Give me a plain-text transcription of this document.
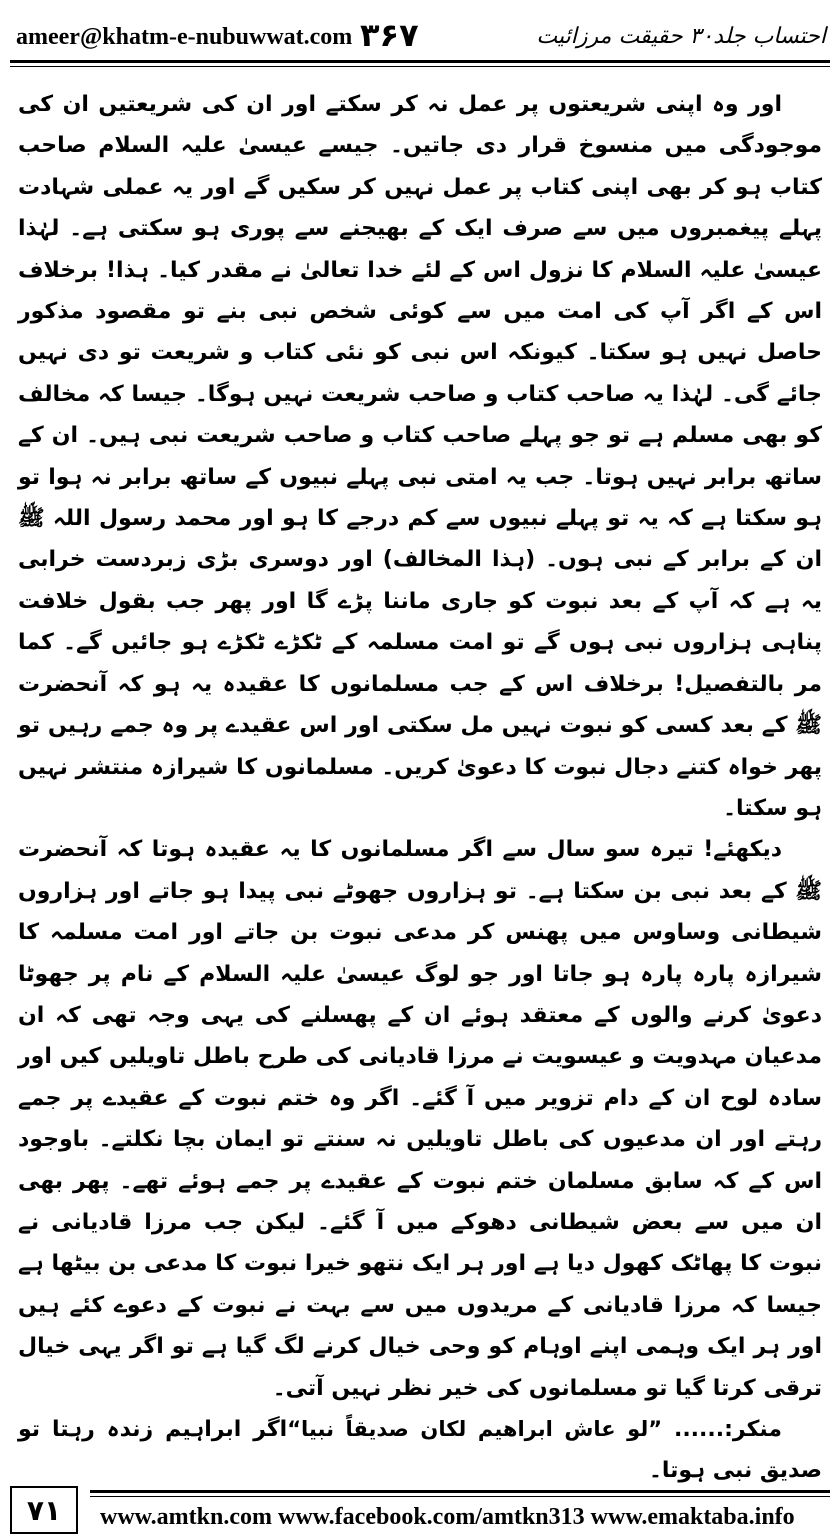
ameer@khatm-e-nubuwwat.com ۳۶۷	احتساب جلد۳۰ حقیقت مرزائیت

اور وہ اپنی شریعتوں پر عمل نہ کر سکتے اور ان کی شریعتیں ان کی موجودگی میں منسوخ قرار دی جاتیں۔ جیسے عیسیٰ علیہ السلام صاحب کتاب ہو کر بھی اپنی کتاب پر عمل نہیں کر سکیں گے اور یہ عملی شہادت پہلے پیغمبروں میں سے صرف ایک کے بھیجنے سے پوری ہو سکتی ہے۔ لہٰذا عیسیٰ علیہ السلام کا نزول اس کے لئے خدا تعالیٰ نے مقدر کیا۔ ہذا! برخلاف اس کے اگر آپ کی امت میں سے کوئی شخص نبی بنے تو مقصود مذکور حاصل نہیں ہو سکتا۔ کیونکہ اس نبی کو نئی کتاب و شریعت تو دی نہیں جائے گی۔ لہٰذا یہ صاحب کتاب و صاحب شریعت نہیں ہوگا۔ جیسا کہ مخالف کو بھی مسلم ہے تو جو پہلے صاحب کتاب و صاحب شریعت نبی ہیں۔ ان کے ساتھ برابر نہیں ہوتا۔ جب یہ امتی نبی پہلے نبیوں کے ساتھ برابر نہ ہوا تو ہو سکتا ہے کہ یہ تو پہلے نبیوں سے کم درجے کا ہو اور محمد رسول اللہ ﷺ ان کے برابر کے نبی ہوں۔ (ہذا المخالف) اور دوسری بڑی زبردست خرابی یہ ہے کہ آپ کے بعد نبوت کو جاری ماننا پڑے گا اور پھر جب بقول خلافت پناہی ہزاروں نبی ہوں گے تو امت مسلمہ کے ٹکڑے ٹکڑے ہو جائیں گے۔ کما مر بالتفصیل! برخلاف اس کے جب مسلمانوں کا عقیدہ یہ ہو کہ آنحضرت ﷺ کے بعد کسی کو نبوت نہیں مل سکتی اور اس عقیدے پر وہ جمے رہیں تو پھر خواہ کتنے دجال نبوت کا دعویٰ کریں۔ مسلمانوں کا شیرازہ منتشر نہیں ہو سکتا۔

دیکھئے! تیرہ سو سال سے اگر مسلمانوں کا یہ عقیدہ ہوتا کہ آنحضرت ﷺ کے بعد نبی بن سکتا ہے۔ تو ہزاروں جھوٹے نبی پیدا ہو جاتے اور ہزاروں شیطانی وساوس میں پھنس کر مدعی نبوت بن جاتے اور امت مسلمہ کا شیرازہ پارہ پارہ ہو جاتا اور جو لوگ عیسیٰ علیہ السلام کے نام پر جھوٹا دعویٰ کرنے والوں کے معتقد ہوئے ان کے پھسلنے کی یہی وجہ تھی کہ ان مدعیان مہدویت و عیسویت نے مرزا قادیانی کی طرح باطل تاویلیں کیں اور سادہ لوح ان کے دام تزویر میں آ گئے۔ اگر وہ ختم نبوت کے عقیدے پر جمے رہتے اور ان مدعیوں کی باطل تاویلیں نہ سنتے تو ایمان بچا نکلتے۔ باوجود اس کے کہ سابق مسلمان ختم نبوت کے عقیدے پر جمے ہوئے تھے۔ پھر بھی ان میں سے بعض شیطانی دھوکے میں آ گئے۔ لیکن جب مرزا قادیانی نے نبوت کا پھاٹک کھول دیا ہے اور ہر ایک نتھو خیرا نبوت کا مدعی بن بیٹھا ہے جیسا کہ مرزا قادیانی کے مریدوں میں سے بہت نے نبوت کے دعوے کئے ہیں اور ہر ایک وہمی اپنے اوہام کو وحی خیال کرنے لگ گیا ہے تو اگر یہی خیال ترقی کرتا گیا تو مسلمانوں کی خیر نظر نہیں آتی۔

منکر:...... ”لو عاش ابراهيم لكان صديقاً نبيا“اگر ابراہیم زندہ رہتا تو صدیق نبی ہوتا۔

۷۱	www.amtkn.com www.facebook.com/amtkn313 www.emaktaba.info
